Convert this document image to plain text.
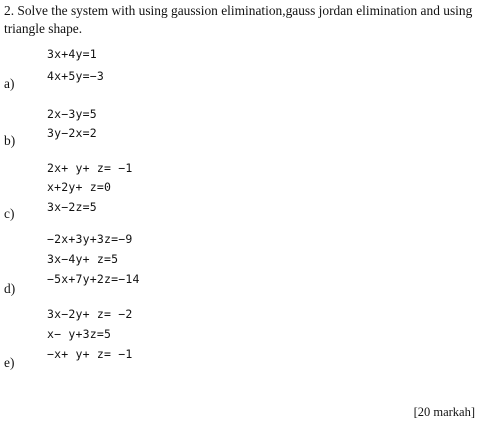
2. Solve the system with using gaussion elimination,gauss jordan elimination and using triangle shape.
3x+4y=1
4x+5y=−3
a)
2x−3y=5
3y−2x=2
b)
2x+ y+ z= −1
x+2y+ z=0
3x−2z=5
c)
−2x+3y+3z=−9
3x−4y+ z=5
−5x+7y+2z=−14
d)
3x−2y+ z= −2
x− y+3z=5
−x+ y+ z= −1
e)
[20 markah]
